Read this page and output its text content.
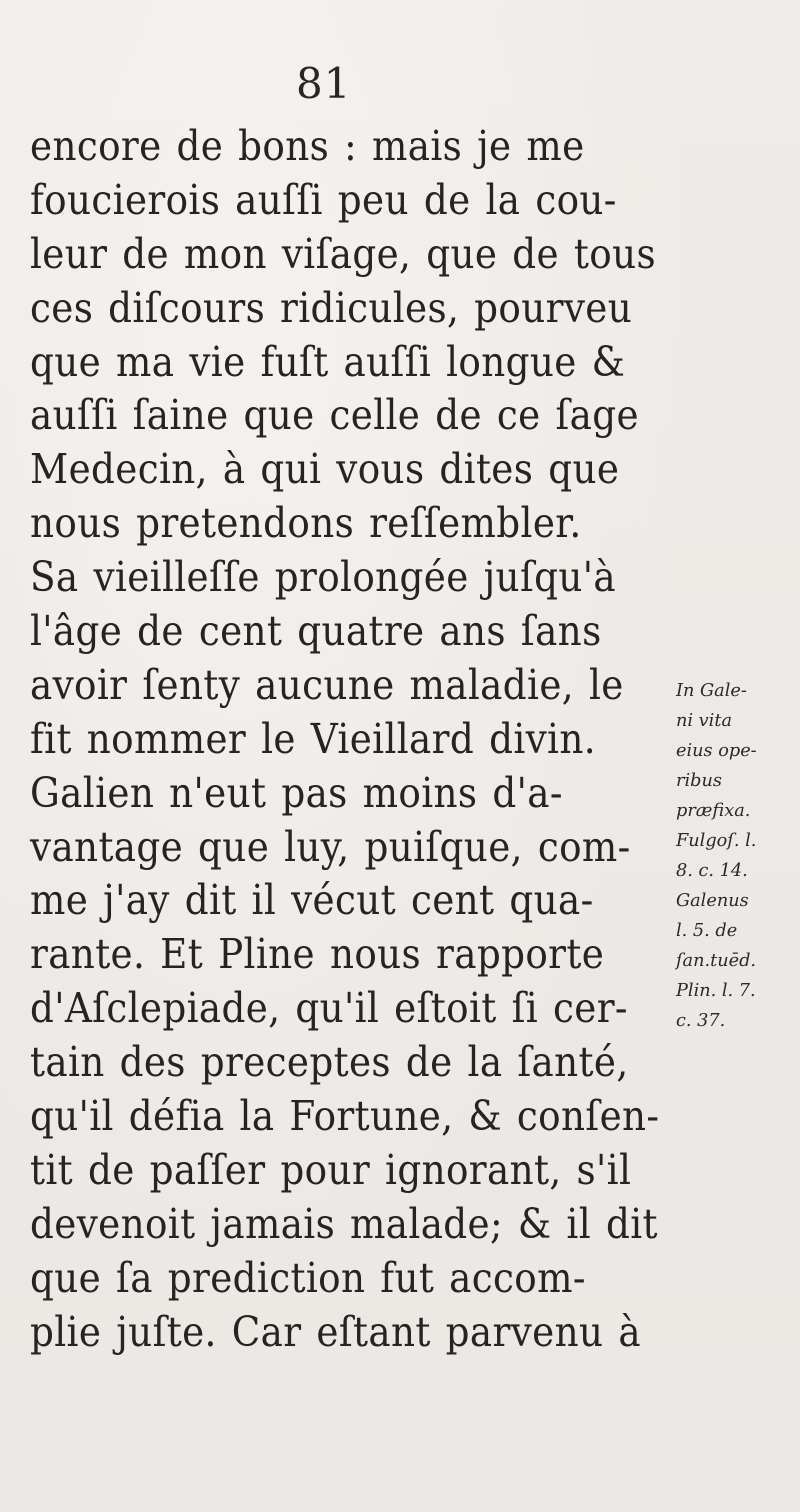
81
encore de bons : mais je me
foucierois auſſi peu de la cou-
leur de mon viſage, que de tous
ces diſcours ridicules, pourveu
que ma vie fuſt auſſi longue &
auſſi ſaine que celle de ce ſage
Medecin, à qui vous dites que
nous pretendons reſſembler.
Sa vieilleſſe prolongée juſqu'à
l'âge de cent quatre ans ſans
avoir ſenty aucune maladie, le
fit nommer le Vieillard divin.
Galien n'eut pas moins d'a-
vantage que luy, puiſque, com-
me j'ay dit il vécut cent qua-
rante. Et Pline nous rapporte
d'Aſclepiade, qu'il eſtoit ſi cer-
tain des preceptes de la ſanté,
qu'il défia la Fortune, & conſen-
tit de paſſer pour ignorant, s'il
devenoit jamais malade; & il dit
que ſa prediction fut accom-
plie juſte. Car eſtant parvenu à
In Gale-
ni vita
eius ope-
ribus
præfixa.
Fulgoſ. l.
8. c. 14.
Galenus
l. 5. de
ſan.tuēd.
Plin. l. 7.
c. 37.
